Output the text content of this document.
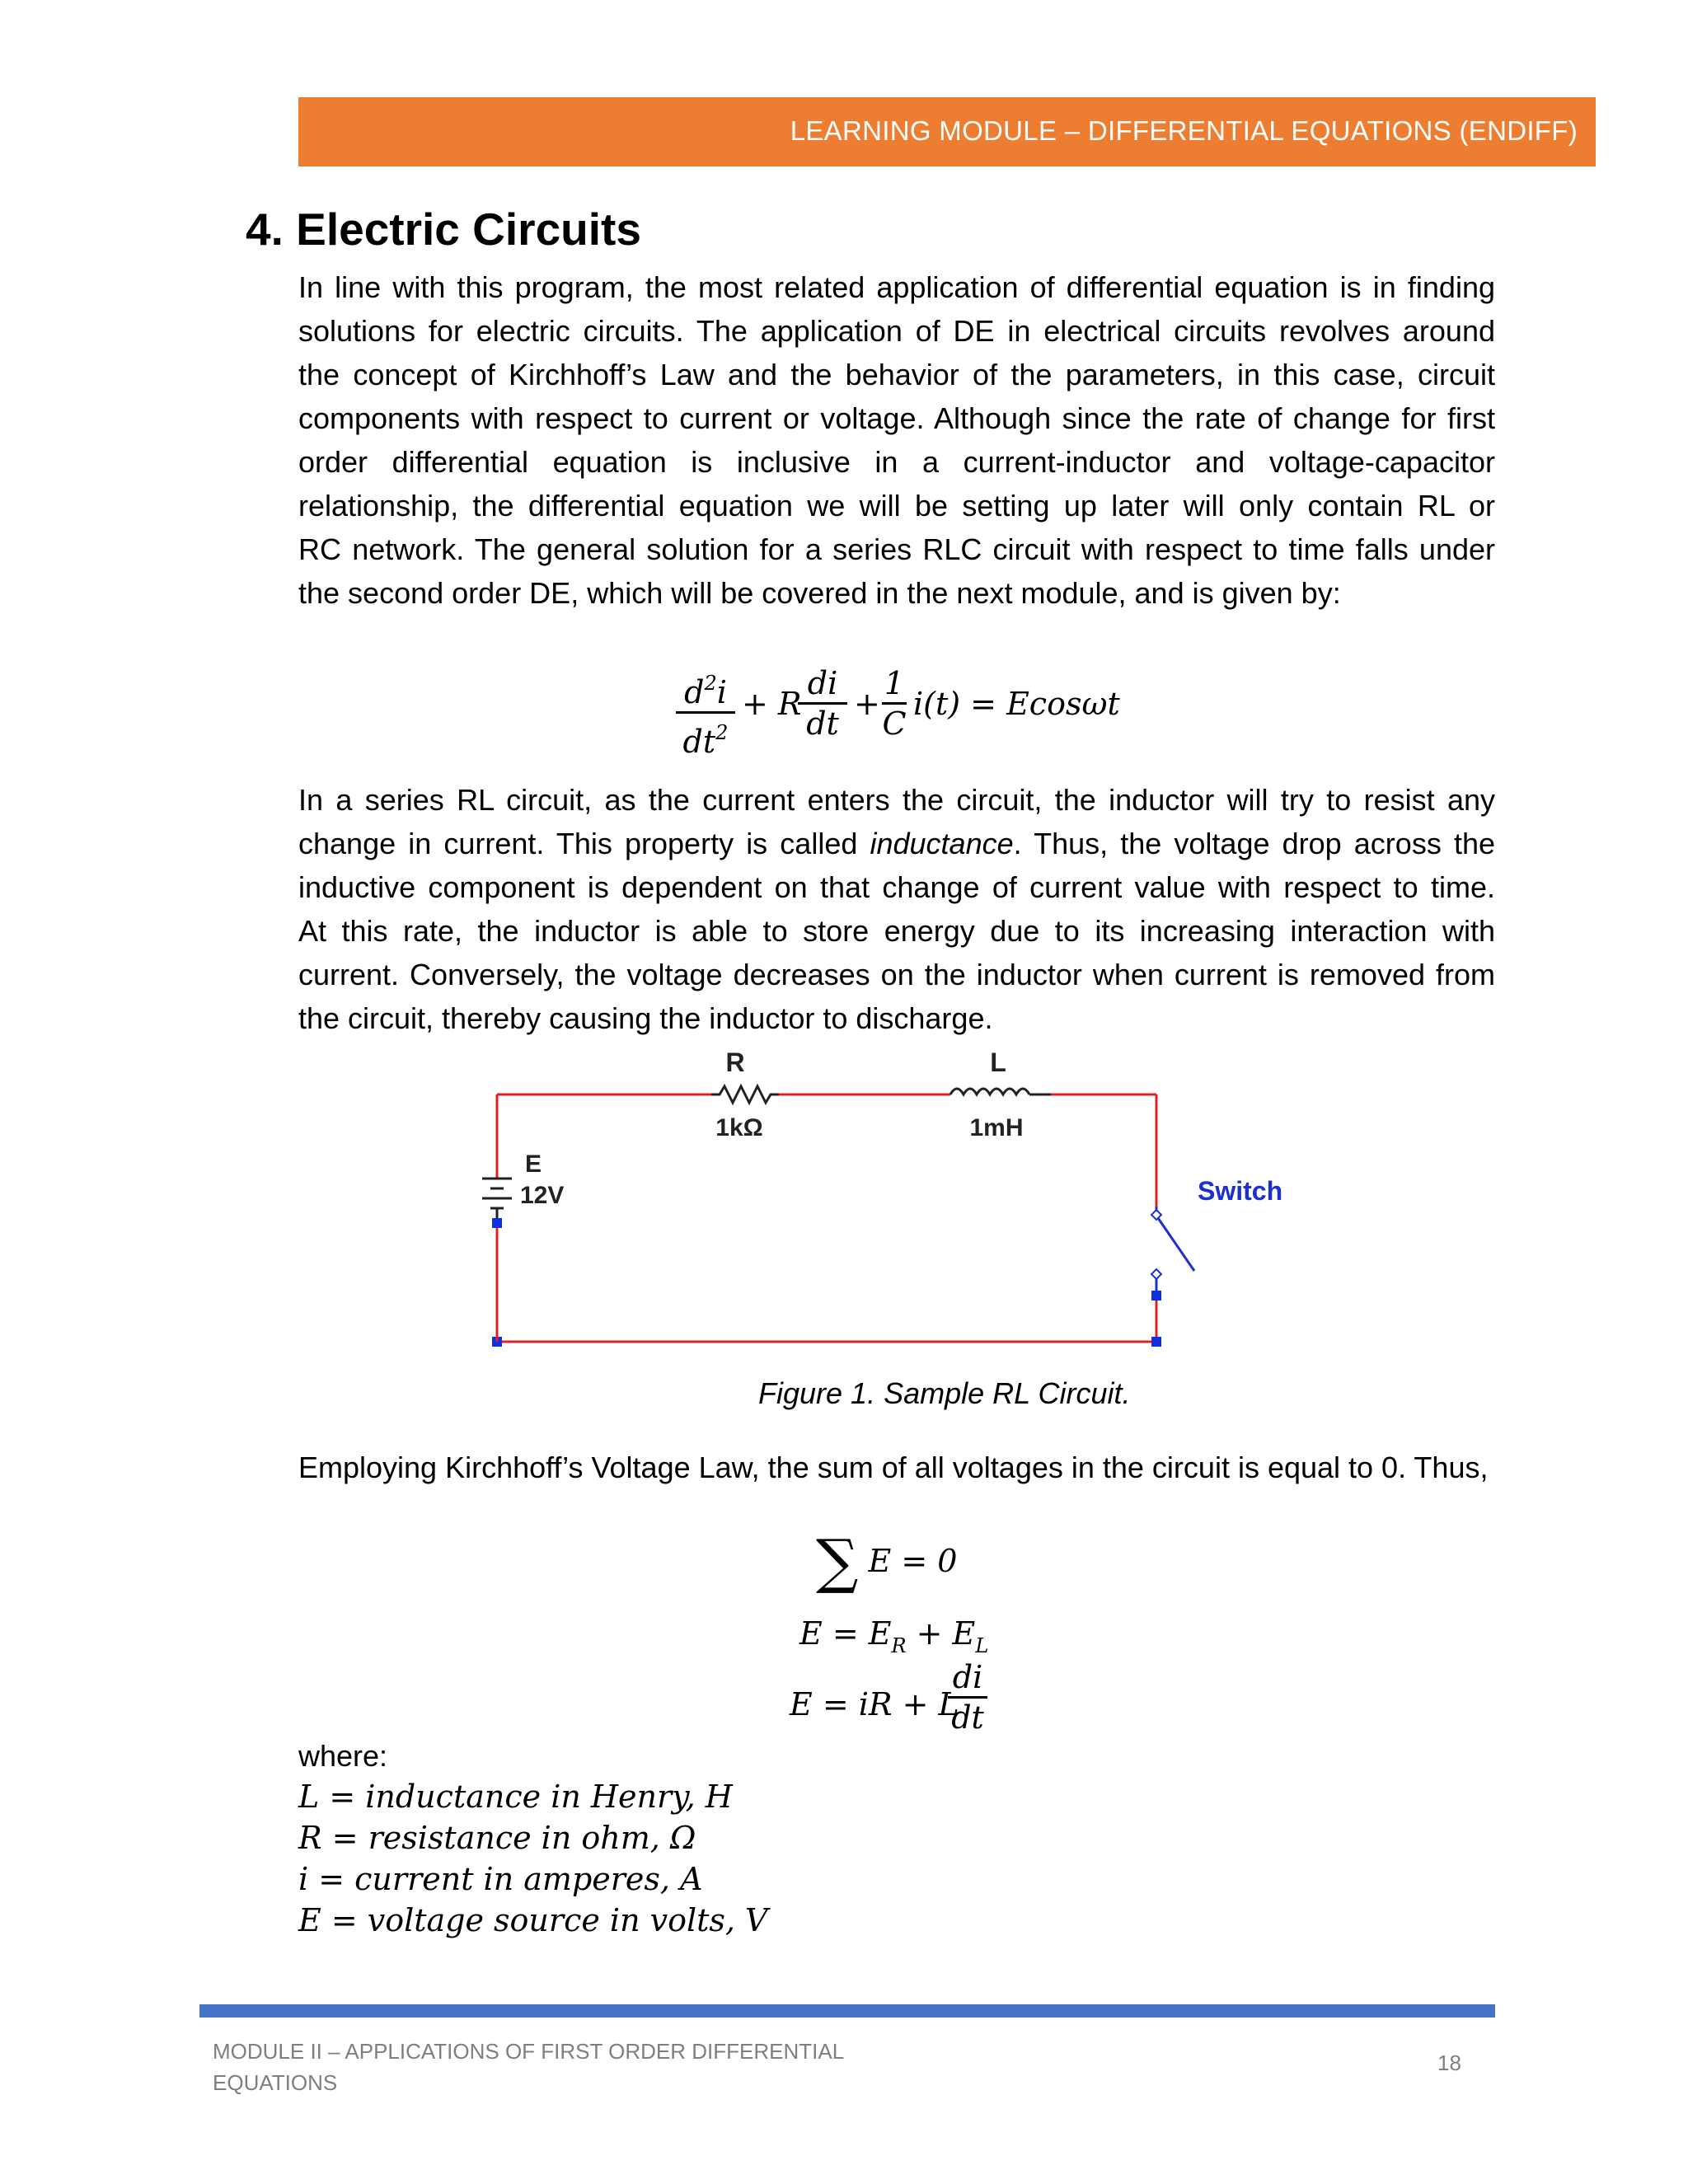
LEARNING MODULE – DIFFERENTIAL EQUATIONS (ENDIFF)
4. Electric Circuits
In line with this program, the most related application of differential equation is in finding
solutions for electric circuits. The application of DE in electrical circuits revolves around
the concept of Kirchhoff’s Law and the behavior of the parameters, in this case, circuit
components with respect to current or voltage. Although since the rate of change for first
order differential equation is inclusive in a current-inductor and voltage-capacitor
relationship, the differential equation we will be setting up later will only contain RL or
RC network. The general solution for a series RLC circuit with respect to time falls under
the second order DE, which will be covered in the next module, and is given by:
$\frac{d^2i}{dt^2} + R$
$\frac{di}{dt} + \frac{1}{C} i(t) = Ecos\omega t$
In a series RL circuit, as the current enters the circuit, the inductor will try to resist any
change in current. This property is called inductance. Thus, the voltage drop across the
inductive component is dependent on that change of current value with respect to time.
At this rate, the inductor is able to store energy due to its increasing interaction with
current. Conversely, the voltage decreases on the inductor when current is removed from
the circuit, thereby causing the inductor to discharge.
R
1kΩ
L
1mH
E
12V	Switch
Figure 1. Sample RL Circuit.
Employing Kirchhoff’s Voltage Law, the sum of all voltages in the circuit is equal to 0. Thus,
∑ E = 0
$E = E_R + E_L$
E = iR + L
$\frac{di}{dt}$
where:
L = inductance in Henry, H
R = resistance in ohm, Ω
i = current in amperes, A
E = voltage source in volts, V
MODULE II – APPLICATIONS OF FIRST ORDER DIFFERENTIAL EQUATIONS
18
